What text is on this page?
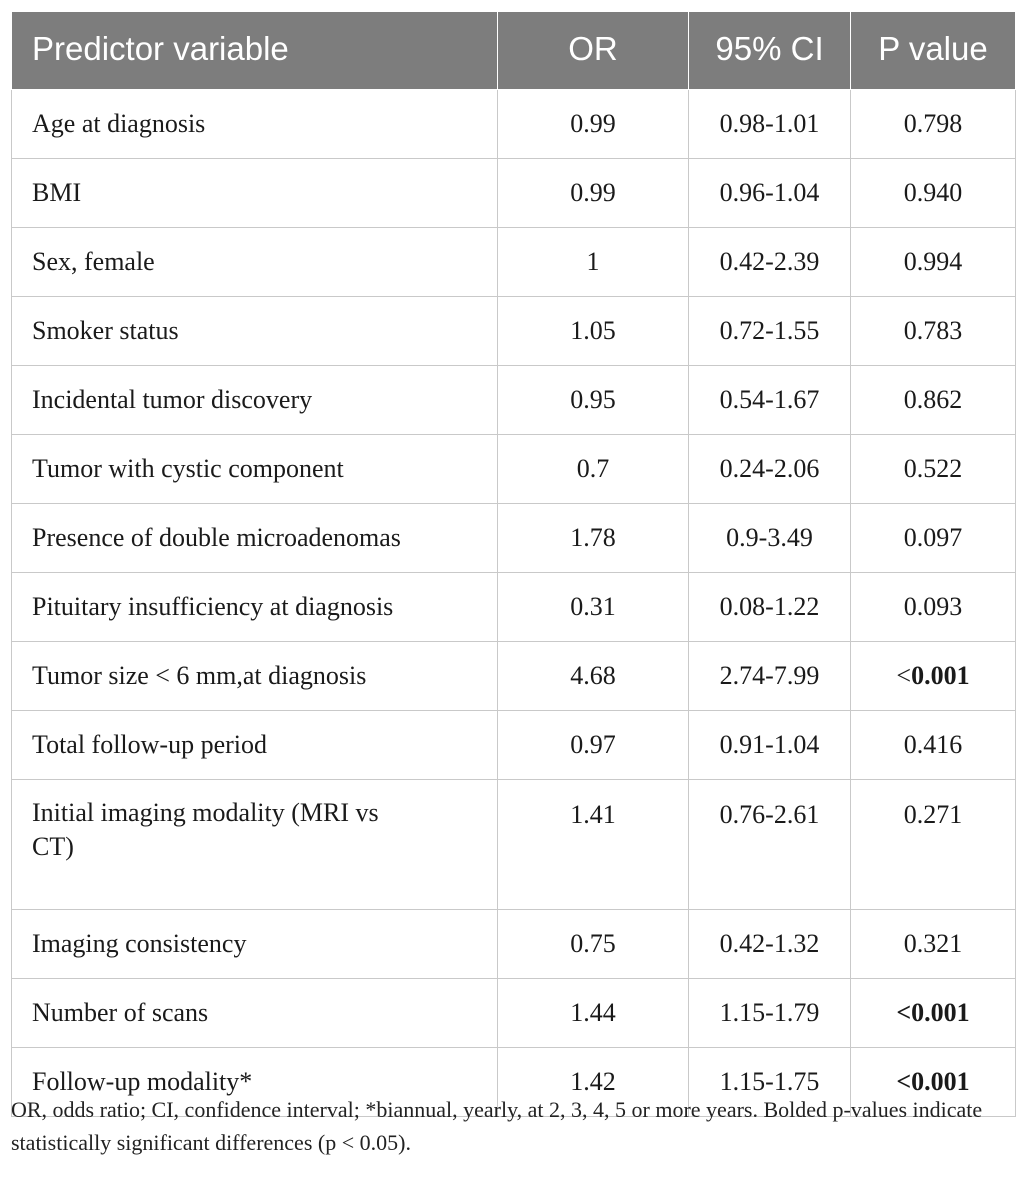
Predictor variable	OR	95% CI	P value
Age at diagnosis	0.99	0.98-1.01	0.798
BMI	0.99	0.96-1.04	0.940
Sex, female	1	0.42-2.39	0.994
Smoker status	1.05	0.72-1.55	0.783
Incidental tumor discovery	0.95	0.54-1.67	0.862
Tumor with cystic component	0.7	0.24-2.06	0.522
Presence of double microadenomas	1.78	0.9-3.49	0.097
Pituitary insufficiency at diagnosis	0.31	0.08-1.22	0.093
Tumor size < 6 mm,at diagnosis	4.68	2.74-7.99	<0.001
Total follow-up period	0.97	0.91-1.04	0.416
Initial imaging modality (MRI vs CT)	1.41	0.76-2.61	0.271
Imaging consistency	0.75	0.42-1.32	0.321
Number of scans	1.44	1.15-1.79	<0.001
Follow-up modality*	1.42	1.15-1.75	<0.001
OR, odds ratio; CI, confidence interval; *biannual, yearly, at 2, 3, 4, 5 or more years. Bolded p-values indicate statistically significant differences (p < 0.05).
